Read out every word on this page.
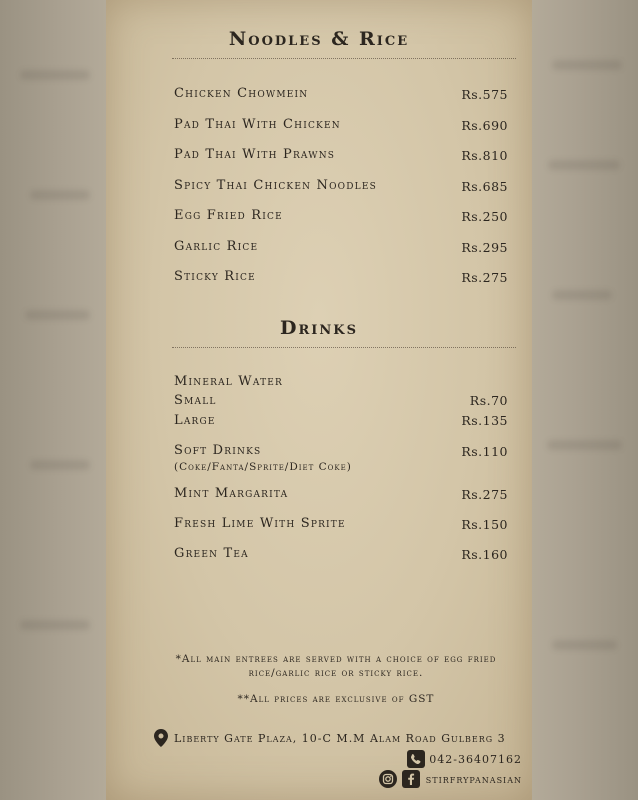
Noodles & Rice
Chicken Chowmein	Rs.575
Pad Thai With Chicken	Rs.690
Pad Thai With Prawns	Rs.810
Spicy Thai Chicken Noodles	Rs.685
Egg Fried Rice	Rs.250
Garlic Rice	Rs.295
Sticky Rice	Rs.275
Drinks
Mineral Water
Small	Rs.70
Large	Rs.135
Soft Drinks	Rs.110
(Coke/Fanta/Sprite/Diet Coke)
Mint Margarita	Rs.275
Fresh Lime With Sprite	Rs.150
Green Tea	Rs.160
*All main entrees are served with a choice of egg fried rice/garlic rice or sticky rice.
**All prices are exclusive of GST
Liberty Gate Plaza, 10-C M.M Alam Road Gulberg 3
042-36407162
stirfrypanasian
